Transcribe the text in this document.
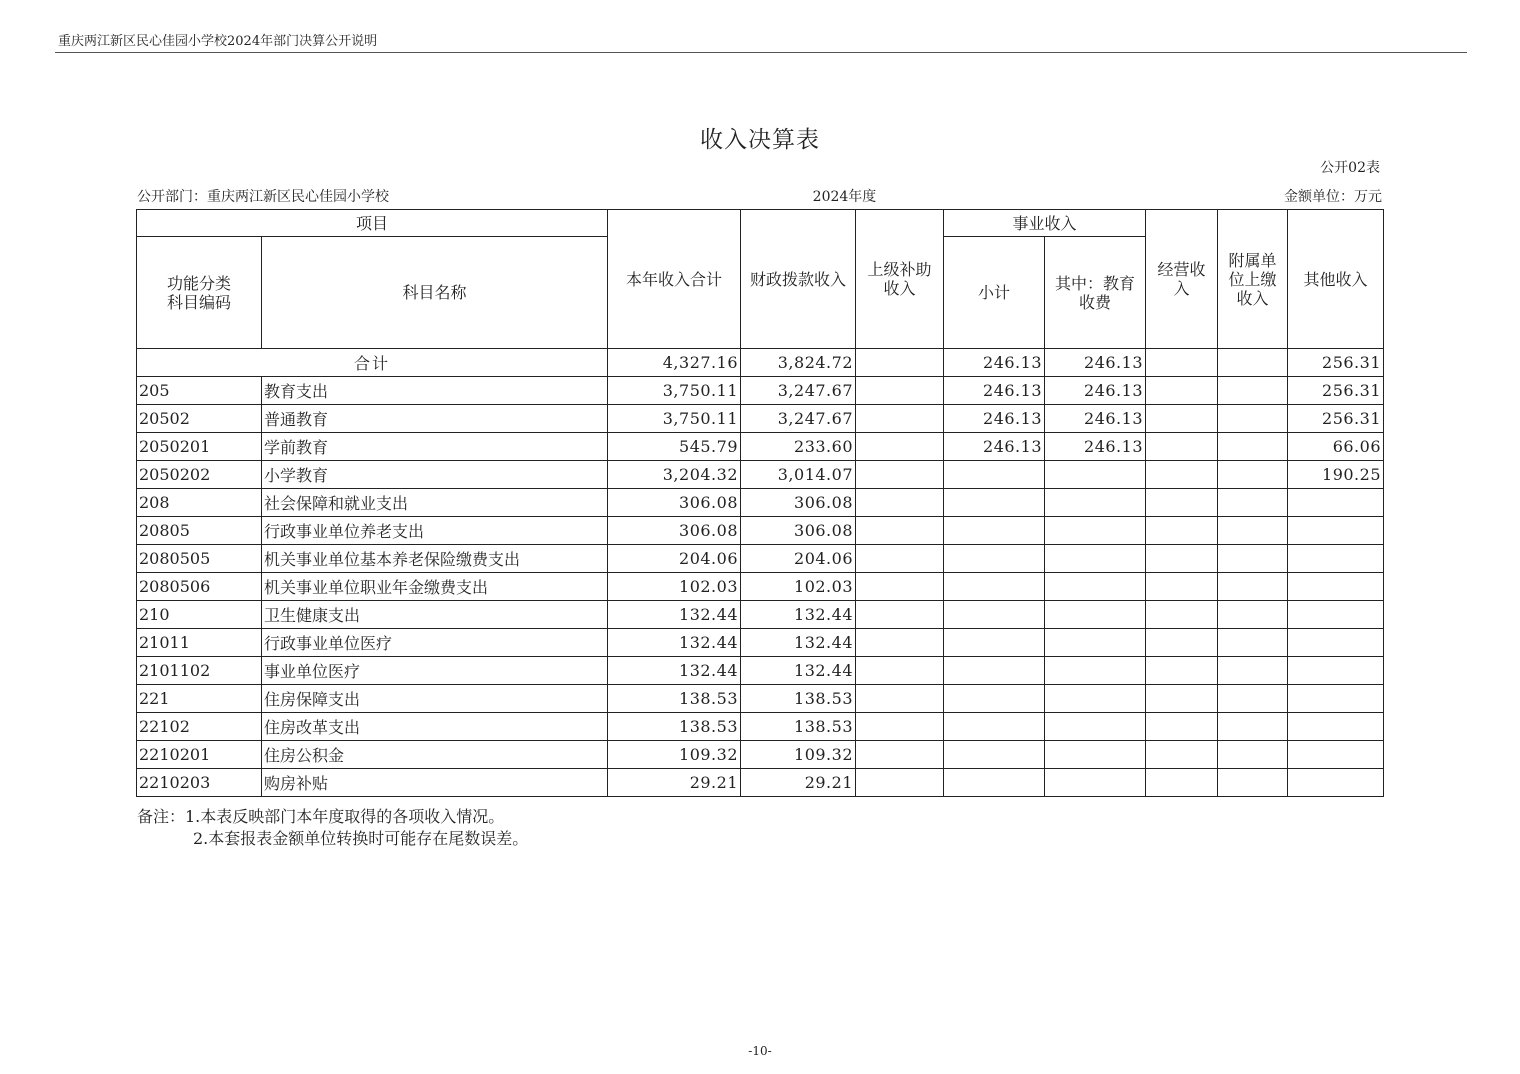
重庆两江新区民心佳园小学校2024年部门决算公开说明
收入决算表
公开02表
公开部门：重庆两江新区民心佳园小学校	2024年度	金额单位：万元
项目		本年收入合计	财政拨款收入	上级补助收入	事业收入		经营收入	附属单位上缴收入	其他收入
功能分类
科目编码	科目名称				小计	其中：教育收费			
合计		4,327.16	3,824.72		246.13	246.13			256.31
205	教育支出	3,750.11	3,247.67		246.13	246.13			256.31
20502	普通教育	3,750.11	3,247.67		246.13	246.13			256.31
2050201	学前教育	545.79	233.60		246.13	246.13			66.06
2050202	小学教育	3,204.32	3,014.07						190.25
208	社会保障和就业支出	306.08	306.08						
20805	行政事业单位养老支出	306.08	306.08						
2080505	机关事业单位基本养老保险缴费支出	204.06	204.06						
2080506	机关事业单位职业年金缴费支出	102.03	102.03						
210	卫生健康支出	132.44	132.44						
21011	行政事业单位医疗	132.44	132.44						
2101102	事业单位医疗	132.44	132.44						
221	住房保障支出	138.53	138.53						
22102	住房改革支出	138.53	138.53						
2210201	住房公积金	109.32	109.32						
2210203	购房补贴	29.21	29.21						
备注：1.本表反映部门本年度取得的各项收入情况。
2.本套报表金额单位转换时可能存在尾数误差。
-10-
